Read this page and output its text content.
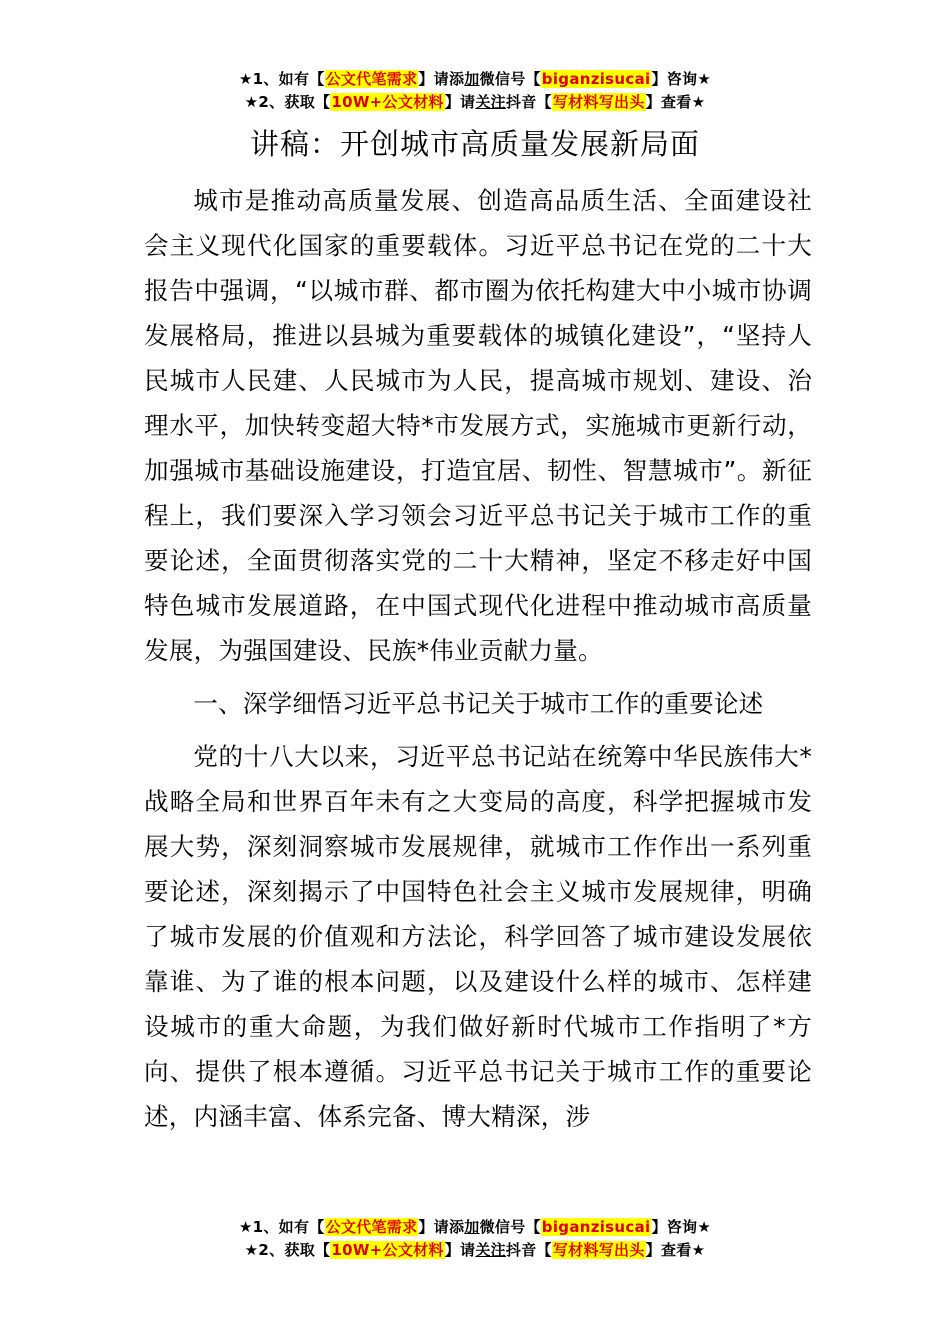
★1、如有【公文代笔需求】请添加微信号【biganzisucai】咨询★
★2、获取【10W+公文材料】请关注抖音【写材料写出头】查看★
讲稿：开创城市高质量发展新局面

城市是推动高质量发展、创造高品质生活、全面建设社会主义现代化国家的重要载体。习近平总书记在党的二十大报告中强调，“以城市群、都市圈为依托构建大中小城市协调发展格局，推进以县城为重要载体的城镇化建设”，“坚持人民城市人民建、人民城市为人民，提高城市规划、建设、治理水平，加快转变超大特*市发展方式，实施城市更新行动，加强城市基础设施建设，打造宜居、韧性、智慧城市”。新征程上，我们要深入学习领会习近平总书记关于城市工作的重要论述，全面贯彻落实党的二十大精神，坚定不移走好中国特色城市发展道路，在中国式现代化进程中推动城市高质量发展，为强国建设、民族*伟业贡献力量。

一、深学细悟习近平总书记关于城市工作的重要论述

党的十八大以来，习近平总书记站在统筹中华民族伟大*战略全局和世界百年未有之大变局的高度，科学把握城市发展大势，深刻洞察城市发展规律，就城市工作作出一系列重要论述，深刻揭示了中国特色社会主义城市发展规律，明确了城市发展的价值观和方法论，科学回答了城市建设发展依靠谁、为了谁的根本问题，以及建设什么样的城市、怎样建设城市的重大命题，为我们做好新时代城市工作指明了*方向、提供了根本遵循。习近平总书记关于城市工作的重要论述，内涵丰富、体系完备、博大精深，涉

★1、如有【公文代笔需求】请添加微信号【biganzisucai】咨询★
★2、获取【10W+公文材料】请关注抖音【写材料写出头】查看★
